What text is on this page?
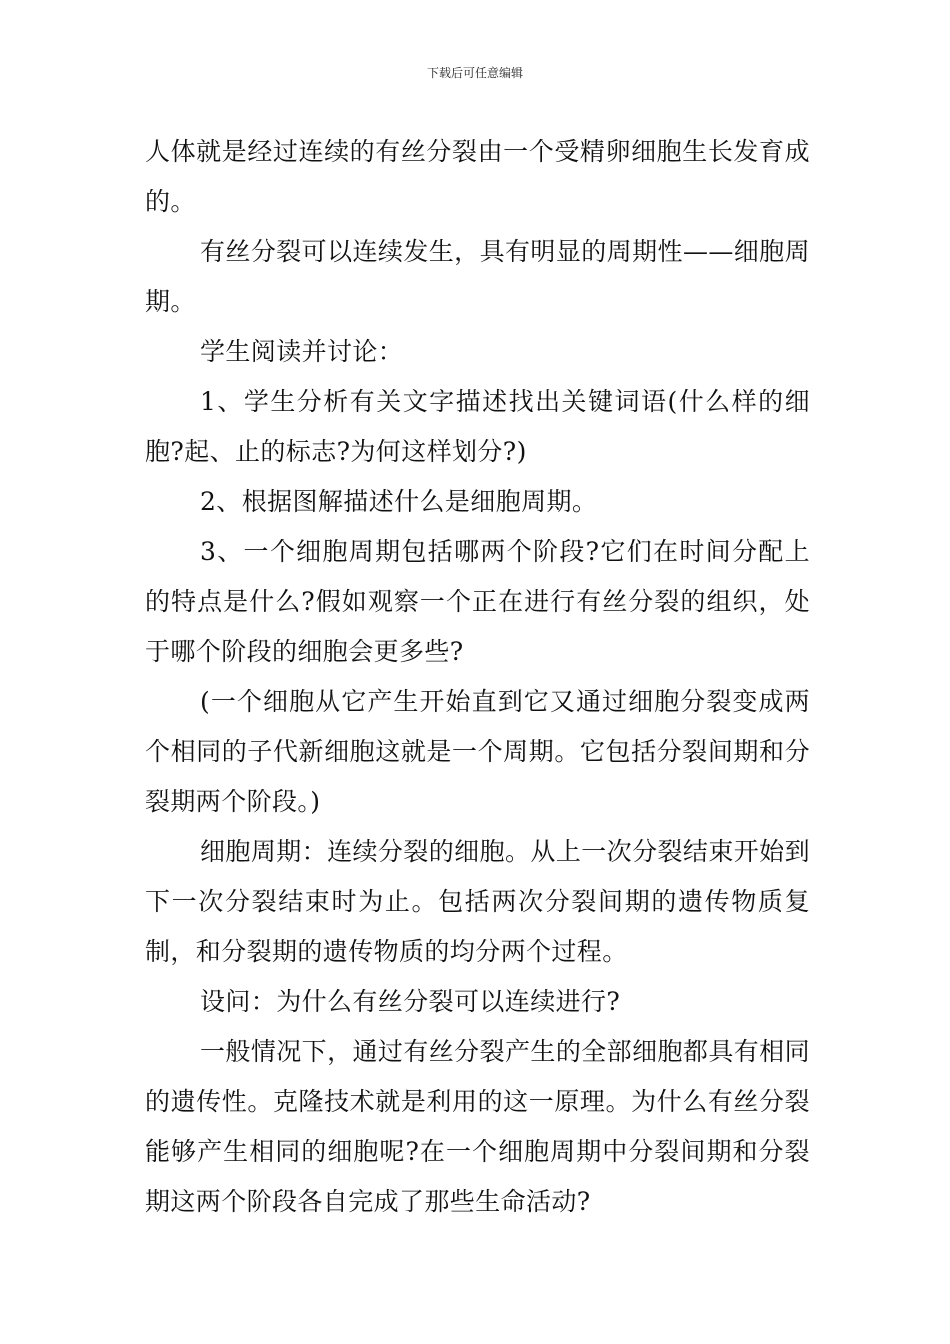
下载后可任意编辑

人体就是经过连续的有丝分裂由一个受精卵细胞生长发育成的。

有丝分裂可以连续发生，具有明显的周期性——细胞周期。

学生阅读并讨论：

1、学生分析有关文字描述找出关键词语(什么样的细胞?起、止的标志?为何这样划分?)

2、根据图解描述什么是细胞周期。

3、一个细胞周期包括哪两个阶段?它们在时间分配上的特点是什么?假如观察一个正在进行有丝分裂的组织，处于哪个阶段的细胞会更多些?

(一个细胞从它产生开始直到它又通过细胞分裂变成两个相同的子代新细胞这就是一个周期。它包括分裂间期和分裂期两个阶段。)

细胞周期：连续分裂的细胞。从上一次分裂结束开始到下一次分裂结束时为止。包括两次分裂间期的遗传物质复制，和分裂期的遗传物质的均分两个过程。

设问：为什么有丝分裂可以连续进行?

一般情况下，通过有丝分裂产生的全部细胞都具有相同的遗传性。克隆技术就是利用的这一原理。为什么有丝分裂能够产生相同的细胞呢?在一个细胞周期中分裂间期和分裂期这两个阶段各自完成了那些生命活动?
